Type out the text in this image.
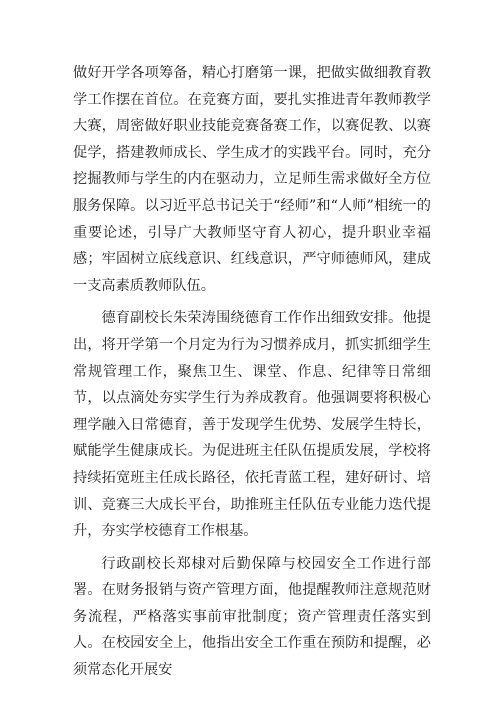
做好开学各项筹备，精心打磨第一课，把做实做细教育教学工作摆在首位。在竞赛方面，要扎实推进青年教师教学大赛，周密做好职业技能竞赛备赛工作，以赛促教、以赛促学，搭建教师成长、学生成才的实践平台。同时，充分挖掘教师与学生的内在驱动力，立足师生需求做好全方位服务保障。以习近平总书记关于“经师”和“人师”相统一的重要论述，引导广大教师坚守育人初心，提升职业幸福感；牢固树立底线意识、红线意识，严守师德师风，建成一支高素质教师队伍。

德育副校长朱荣涛围绕德育工作作出细致安排。他提出，将开学第一个月定为行为习惯养成月，抓实抓细学生常规管理工作，聚焦卫生、课堂、作息、纪律等日常细节，以点滴处夯实学生行为养成教育。他强调要将积极心理学融入日常德育，善于发现学生优势、发展学生特长，赋能学生健康成长。为促进班主任队伍提质发展，学校将持续拓宽班主任成长路径，依托青蓝工程，建好研讨、培训、竞赛三大成长平台，助推班主任队伍专业能力迭代提升，夯实学校德育工作根基。

行政副校长郑棣对后勤保障与校园安全工作进行部署。在财务报销与资产管理方面，他提醒教师注意规范财务流程，严格落实事前审批制度；资产管理责任落实到人。在校园安全上，他指出安全工作重在预防和提醒，必须常态化开展安
